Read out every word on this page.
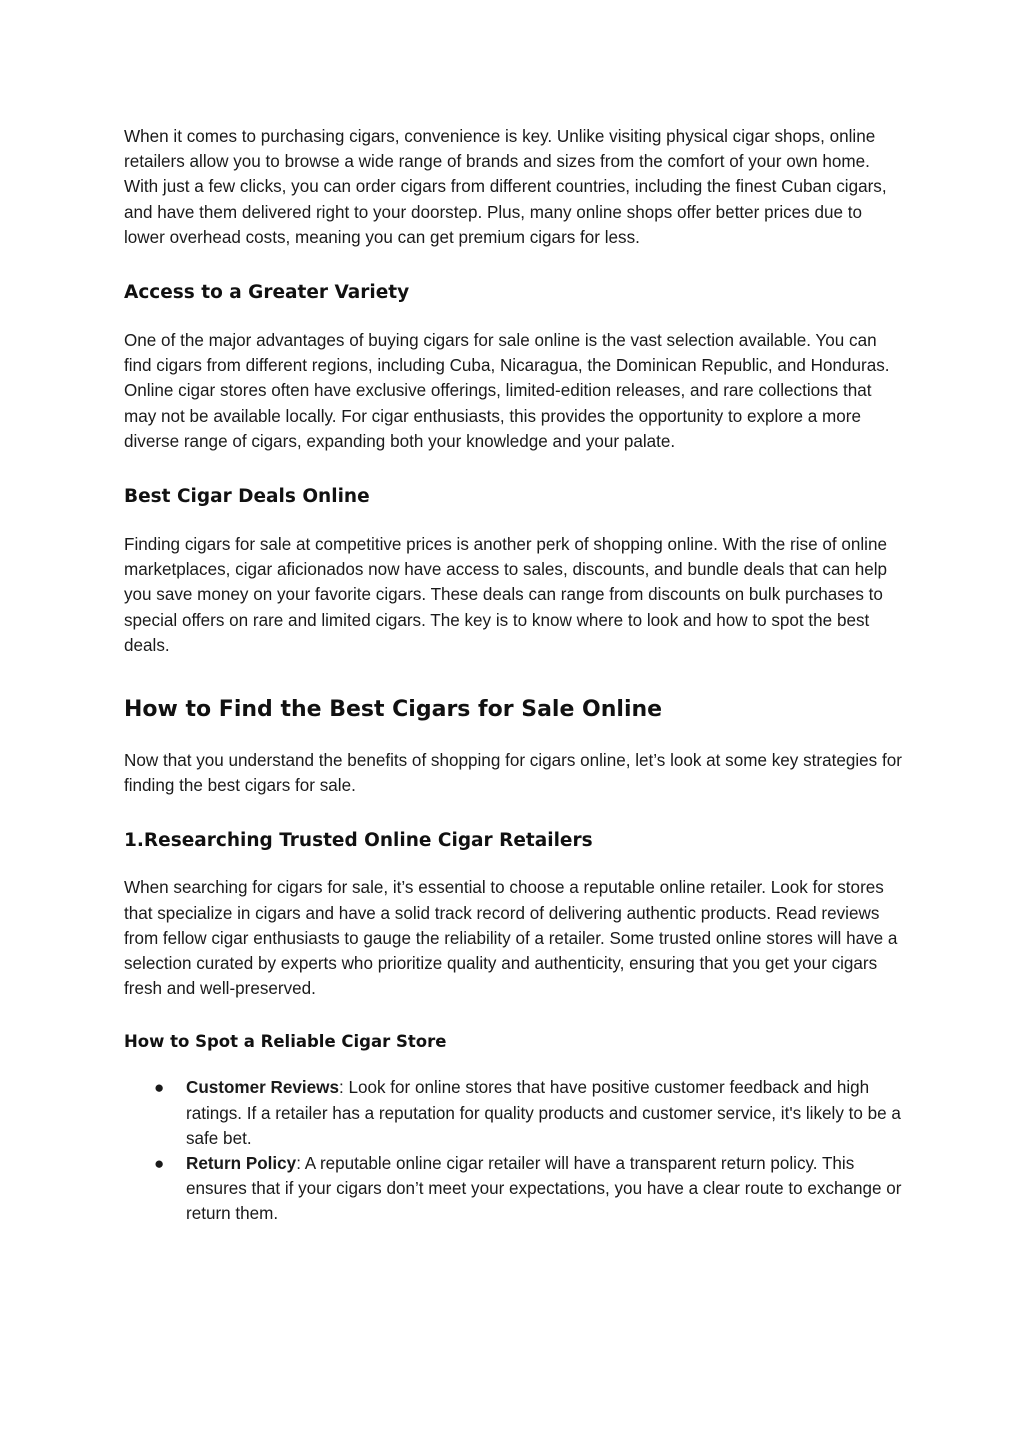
When it comes to purchasing cigars, convenience is key. Unlike visiting physical cigar shops, online retailers allow you to browse a wide range of brands and sizes from the comfort of your own home. With just a few clicks, you can order cigars from different countries, including the finest Cuban cigars, and have them delivered right to your doorstep. Plus, many online shops offer better prices due to lower overhead costs, meaning you can get premium cigars for less.

Access to a Greater Variety

One of the major advantages of buying cigars for sale online is the vast selection available. You can find cigars from different regions, including Cuba, Nicaragua, the Dominican Republic, and Honduras. Online cigar stores often have exclusive offerings, limited-edition releases, and rare collections that may not be available locally. For cigar enthusiasts, this provides the opportunity to explore a more diverse range of cigars, expanding both your knowledge and your palate.

Best Cigar Deals Online

Finding cigars for sale at competitive prices is another perk of shopping online. With the rise of online marketplaces, cigar aficionados now have access to sales, discounts, and bundle deals that can help you save money on your favorite cigars. These deals can range from discounts on bulk purchases to special offers on rare and limited cigars. The key is to know where to look and how to spot the best deals.

How to Find the Best Cigars for Sale Online

Now that you understand the benefits of shopping for cigars online, let’s look at some key strategies for finding the best cigars for sale.

1.Researching Trusted Online Cigar Retailers

When searching for cigars for sale, it’s essential to choose a reputable online retailer. Look for stores that specialize in cigars and have a solid track record of delivering authentic products. Read reviews from fellow cigar enthusiasts to gauge the reliability of a retailer. Some trusted online stores will have a selection curated by experts who prioritize quality and authenticity, ensuring that you get your cigars fresh and well-preserved.

How to Spot a Reliable Cigar Store
● Customer Reviews: Look for online stores that have positive customer feedback and high ratings. If a retailer has a reputation for quality products and customer service, it's likely to be a safe bet.
● Return Policy: A reputable online cigar retailer will have a transparent return policy. This ensures that if your cigars don’t meet your expectations, you have a clear route to exchange or return them.
